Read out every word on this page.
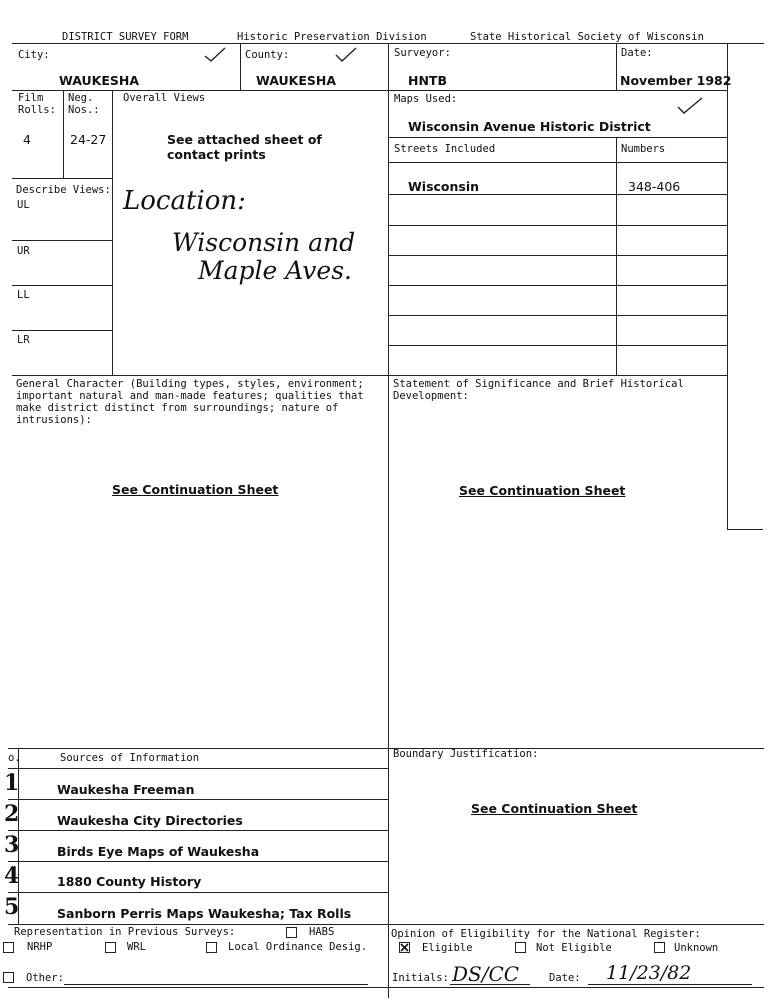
DISTRICT SURVEY FORM	Historic Preservation Division	State Historical Society of Wisconsin
City:
WAUKESHA
County:
WAUKESHA
Surveyor:
HNTB
Date:
November 1982
Film
Rolls:
4
Neg.
Nos.:
24-27
Overall Views
See attached sheet of
contact prints
Location:
Wisconsin and
Maple Aves.
Describe Views:
UL
UR
LL
LR
Maps Used:
Wisconsin Avenue Historic District
Streets Included	Numbers
Wisconsin	348-406
General Character (Building types, styles, environment;
important natural and man-made features; qualities that
make district distinct from surroundings; nature of
intrusions):
See Continuation Sheet
Statement of Significance and Brief Historical
Development:
See Continuation Sheet
o.	Sources of Information
1	Waukesha Freeman
2	Waukesha City Directories
3	Birds Eye Maps of Waukesha
4	1880 County History
5	Sanborn Perris Maps Waukesha; Tax Rolls
Boundary Justification:
See Continuation Sheet
Representation in Previous Surveys:	HABS
NRHP	WRL	Local Ordinance Desig.
Other:
Opinion of Eligibility for the National Register:
Eligible	Not Eligible	Unknown
Initials: DS/CC	Date: 11/23/82
